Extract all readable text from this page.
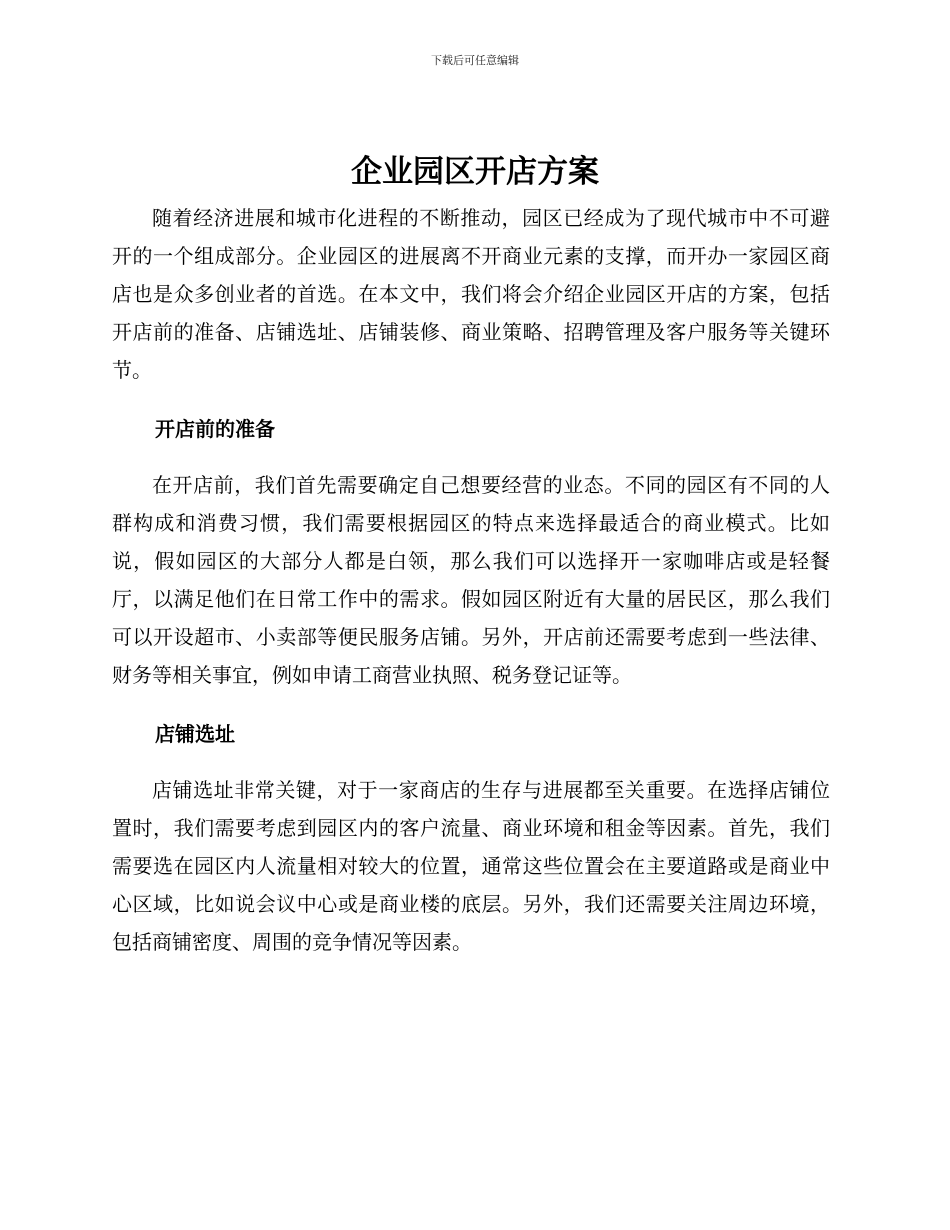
下载后可任意编辑
企业园区开店方案

随着经济进展和城市化进程的不断推动，园区已经成为了现代城市中不可避开的一个组成部分。企业园区的进展离不开商业元素的支撑，而开办一家园区商店也是众多创业者的首选。在本文中，我们将会介绍企业园区开店的方案，包括开店前的准备、店铺选址、店铺装修、商业策略、招聘管理及客户服务等关键环节。

开店前的准备

在开店前，我们首先需要确定自己想要经营的业态。不同的园区有不同的人群构成和消费习惯，我们需要根据园区的特点来选择最适合的商业模式。比如说，假如园区的大部分人都是白领，那么我们可以选择开一家咖啡店或是轻餐厅，以满足他们在日常工作中的需求。假如园区附近有大量的居民区，那么我们可以开设超市、小卖部等便民服务店铺。另外，开店前还需要考虑到一些法律、财务等相关事宜，例如申请工商营业执照、税务登记证等。

店铺选址

店铺选址非常关键，对于一家商店的生存与进展都至关重要。在选择店铺位置时，我们需要考虑到园区内的客户流量、商业环境和租金等因素。首先，我们需要选在园区内人流量相对较大的位置，通常这些位置会在主要道路或是商业中心区域，比如说会议中心或是商业楼的底层。另外，我们还需要关注周边环境，包括商铺密度、周围的竞争情况等因素。
